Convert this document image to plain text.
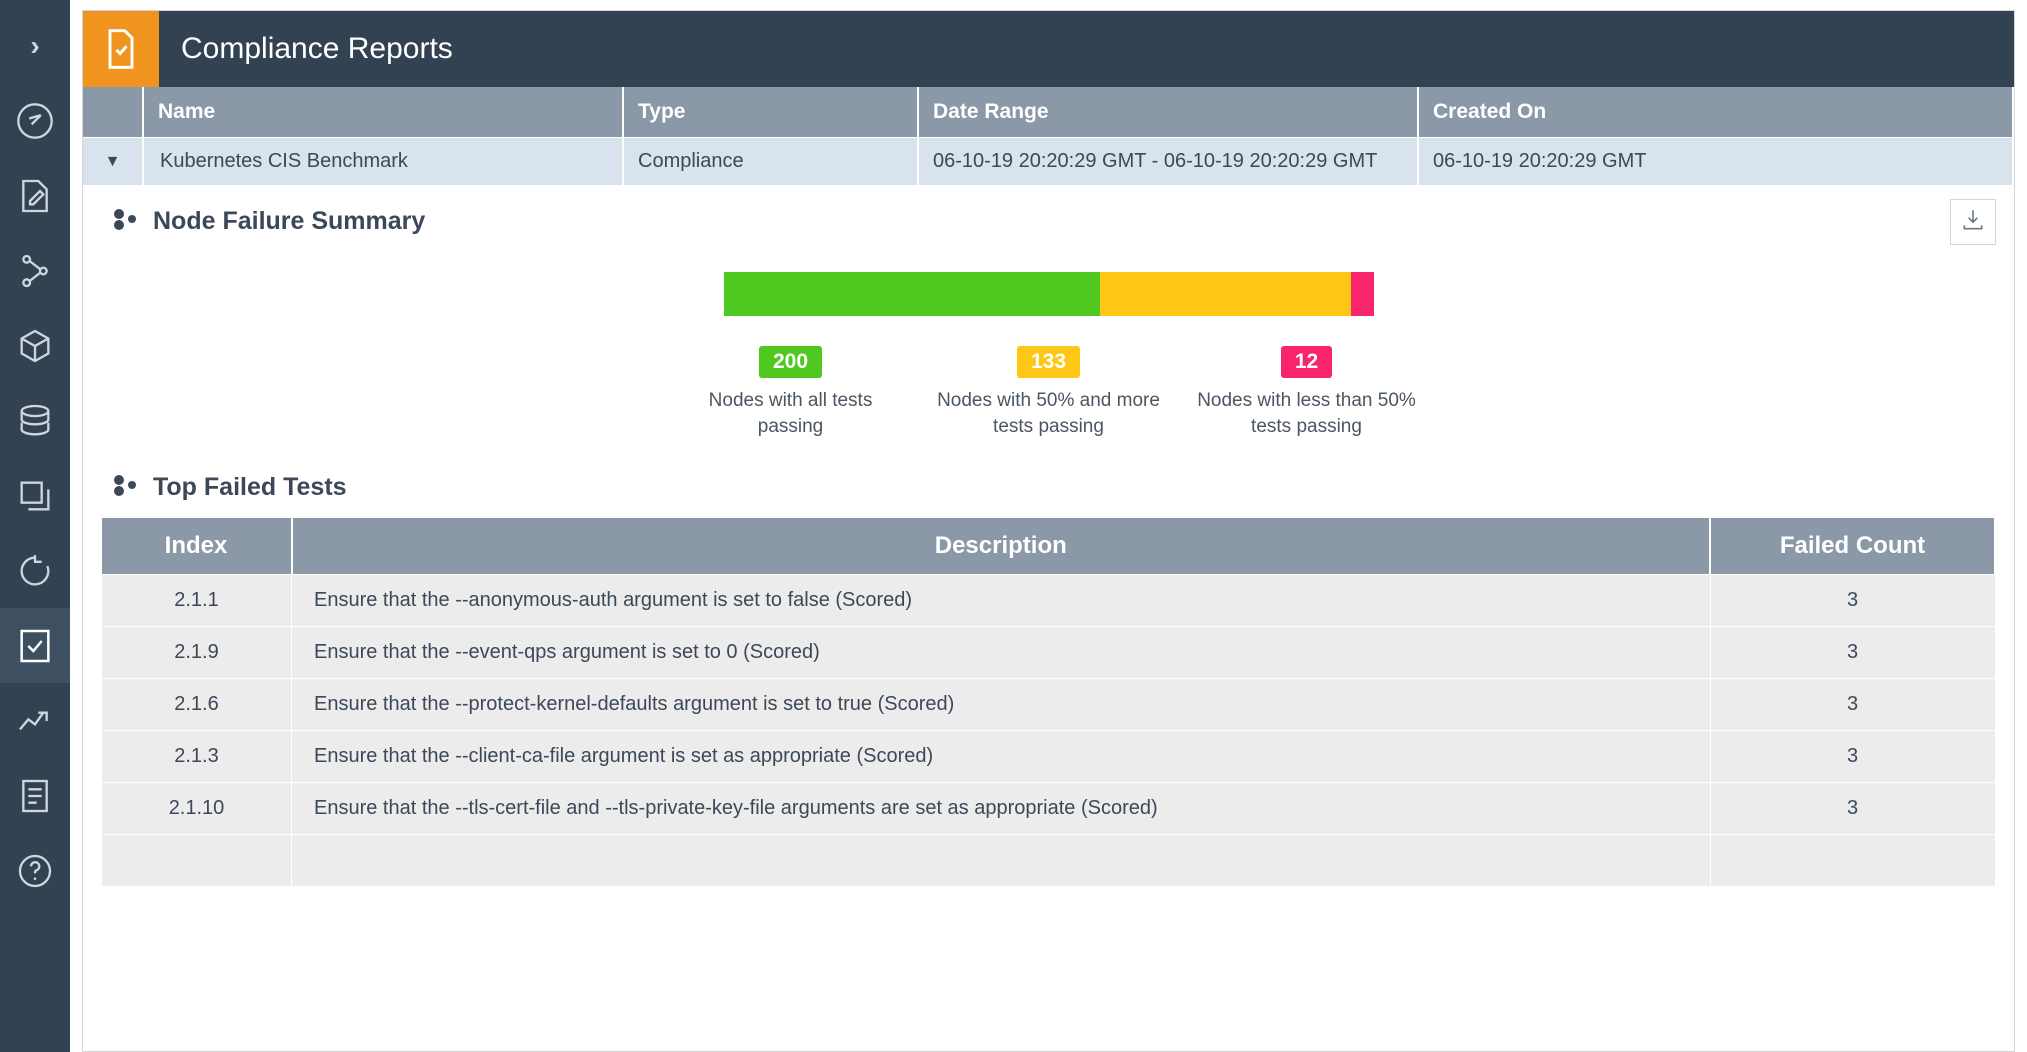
›	Compliance Reports
	Name	Type	Date Range	Created On
▼	Kubernetes CIS Benchmark	Compliance	06-10-19 20:20:29 GMT - 06-10-19 20:20:29 GMT	06-10-19 20:20:29 GMT
Node Failure Summary
200
Nodes with all tests passing
133
Nodes with 50% and more tests passing
12
Nodes with less than 50% tests passing
Top Failed Tests
Index	Description	Failed Count
2.1.1	Ensure that the --anonymous-auth argument is set to false (Scored)	3
2.1.9	Ensure that the --event-qps argument is set to 0 (Scored)	3
2.1.6	Ensure that the --protect-kernel-defaults argument is set to true (Scored)	3
2.1.3	Ensure that the --client-ca-file argument is set as appropriate (Scored)	3
2.1.10	Ensure that the --tls-cert-file and --tls-private-key-file arguments are set as appropriate (Scored)	3
